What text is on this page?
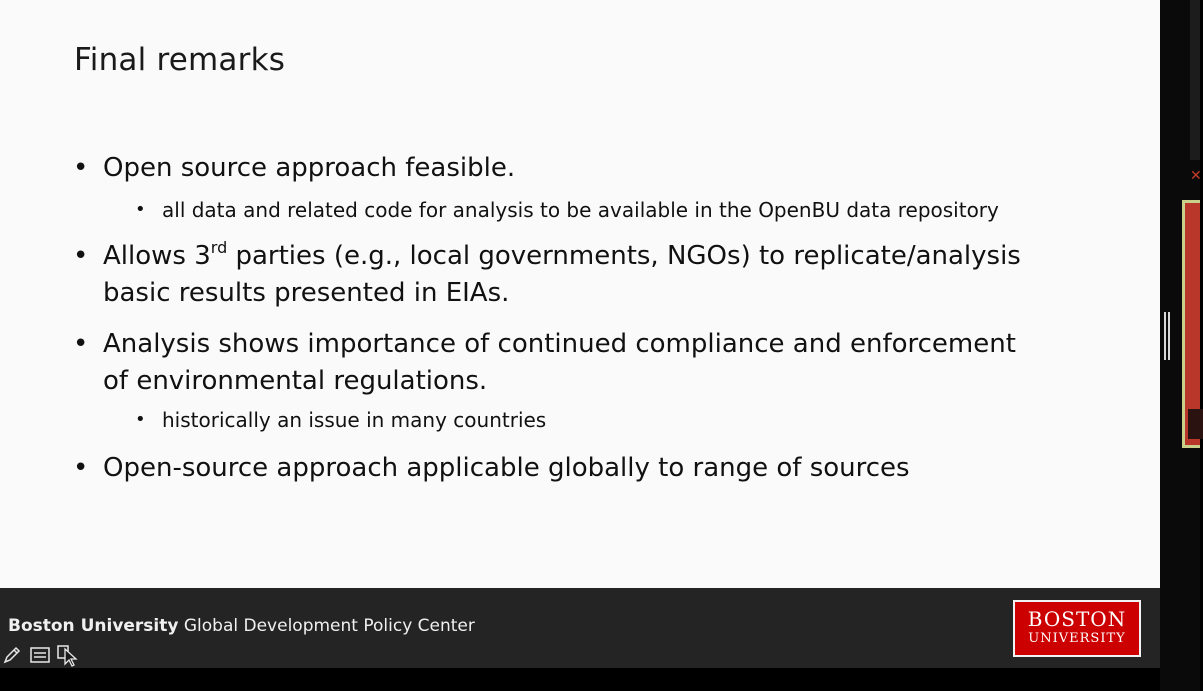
Final remarks
• Open source approach feasible.
• all data and related code for analysis to be available in the OpenBU data repository
• Allows 3rd parties (e.g., local governments, NGOs) to replicate/analysis
basic results presented in EIAs.
• Analysis shows importance of continued compliance and enforcement
of environmental regulations.
• historically an issue in many countries
• Open-source approach applicable globally to range of sources
Boston University Global Development Policy Center	BOSTON
UNIVERSITY
✕
